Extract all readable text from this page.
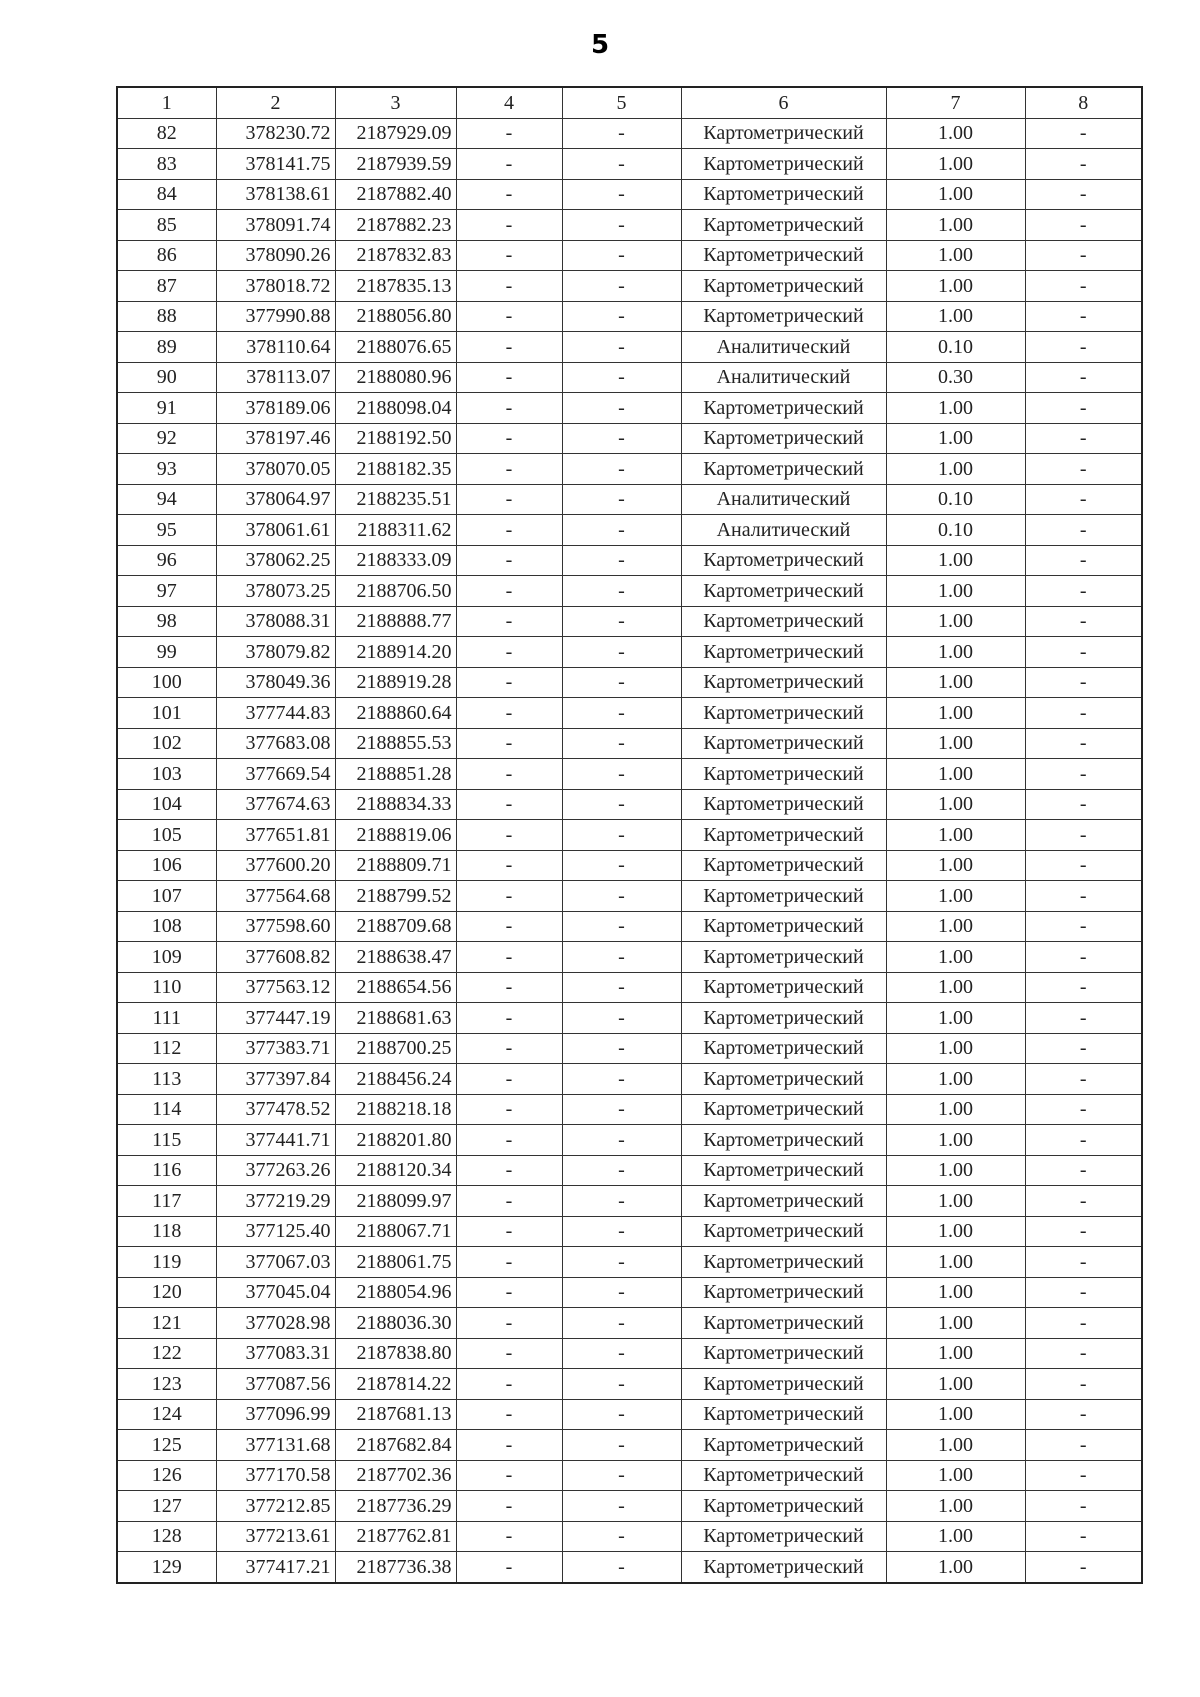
5
1	2	3	4	5	6	7	8
82	378230.72	2187929.09	-	-	Картометрический	1.00	-
83	378141.75	2187939.59	-	-	Картометрический	1.00	-
84	378138.61	2187882.40	-	-	Картометрический	1.00	-
85	378091.74	2187882.23	-	-	Картометрический	1.00	-
86	378090.26	2187832.83	-	-	Картометрический	1.00	-
87	378018.72	2187835.13	-	-	Картометрический	1.00	-
88	377990.88	2188056.80	-	-	Картометрический	1.00	-
89	378110.64	2188076.65	-	-	Аналитический	0.10	-
90	378113.07	2188080.96	-	-	Аналитический	0.30	-
91	378189.06	2188098.04	-	-	Картометрический	1.00	-
92	378197.46	2188192.50	-	-	Картометрический	1.00	-
93	378070.05	2188182.35	-	-	Картометрический	1.00	-
94	378064.97	2188235.51	-	-	Аналитический	0.10	-
95	378061.61	2188311.62	-	-	Аналитический	0.10	-
96	378062.25	2188333.09	-	-	Картометрический	1.00	-
97	378073.25	2188706.50	-	-	Картометрический	1.00	-
98	378088.31	2188888.77	-	-	Картометрический	1.00	-
99	378079.82	2188914.20	-	-	Картометрический	1.00	-
100	378049.36	2188919.28	-	-	Картометрический	1.00	-
101	377744.83	2188860.64	-	-	Картометрический	1.00	-
102	377683.08	2188855.53	-	-	Картометрический	1.00	-
103	377669.54	2188851.28	-	-	Картометрический	1.00	-
104	377674.63	2188834.33	-	-	Картометрический	1.00	-
105	377651.81	2188819.06	-	-	Картометрический	1.00	-
106	377600.20	2188809.71	-	-	Картометрический	1.00	-
107	377564.68	2188799.52	-	-	Картометрический	1.00	-
108	377598.60	2188709.68	-	-	Картометрический	1.00	-
109	377608.82	2188638.47	-	-	Картометрический	1.00	-
110	377563.12	2188654.56	-	-	Картометрический	1.00	-
111	377447.19	2188681.63	-	-	Картометрический	1.00	-
112	377383.71	2188700.25	-	-	Картометрический	1.00	-
113	377397.84	2188456.24	-	-	Картометрический	1.00	-
114	377478.52	2188218.18	-	-	Картометрический	1.00	-
115	377441.71	2188201.80	-	-	Картометрический	1.00	-
116	377263.26	2188120.34	-	-	Картометрический	1.00	-
117	377219.29	2188099.97	-	-	Картометрический	1.00	-
118	377125.40	2188067.71	-	-	Картометрический	1.00	-
119	377067.03	2188061.75	-	-	Картометрический	1.00	-
120	377045.04	2188054.96	-	-	Картометрический	1.00	-
121	377028.98	2188036.30	-	-	Картометрический	1.00	-
122	377083.31	2187838.80	-	-	Картометрический	1.00	-
123	377087.56	2187814.22	-	-	Картометрический	1.00	-
124	377096.99	2187681.13	-	-	Картометрический	1.00	-
125	377131.68	2187682.84	-	-	Картометрический	1.00	-
126	377170.58	2187702.36	-	-	Картометрический	1.00	-
127	377212.85	2187736.29	-	-	Картометрический	1.00	-
128	377213.61	2187762.81	-	-	Картометрический	1.00	-
129	377417.21	2187736.38	-	-	Картометрический	1.00	-
